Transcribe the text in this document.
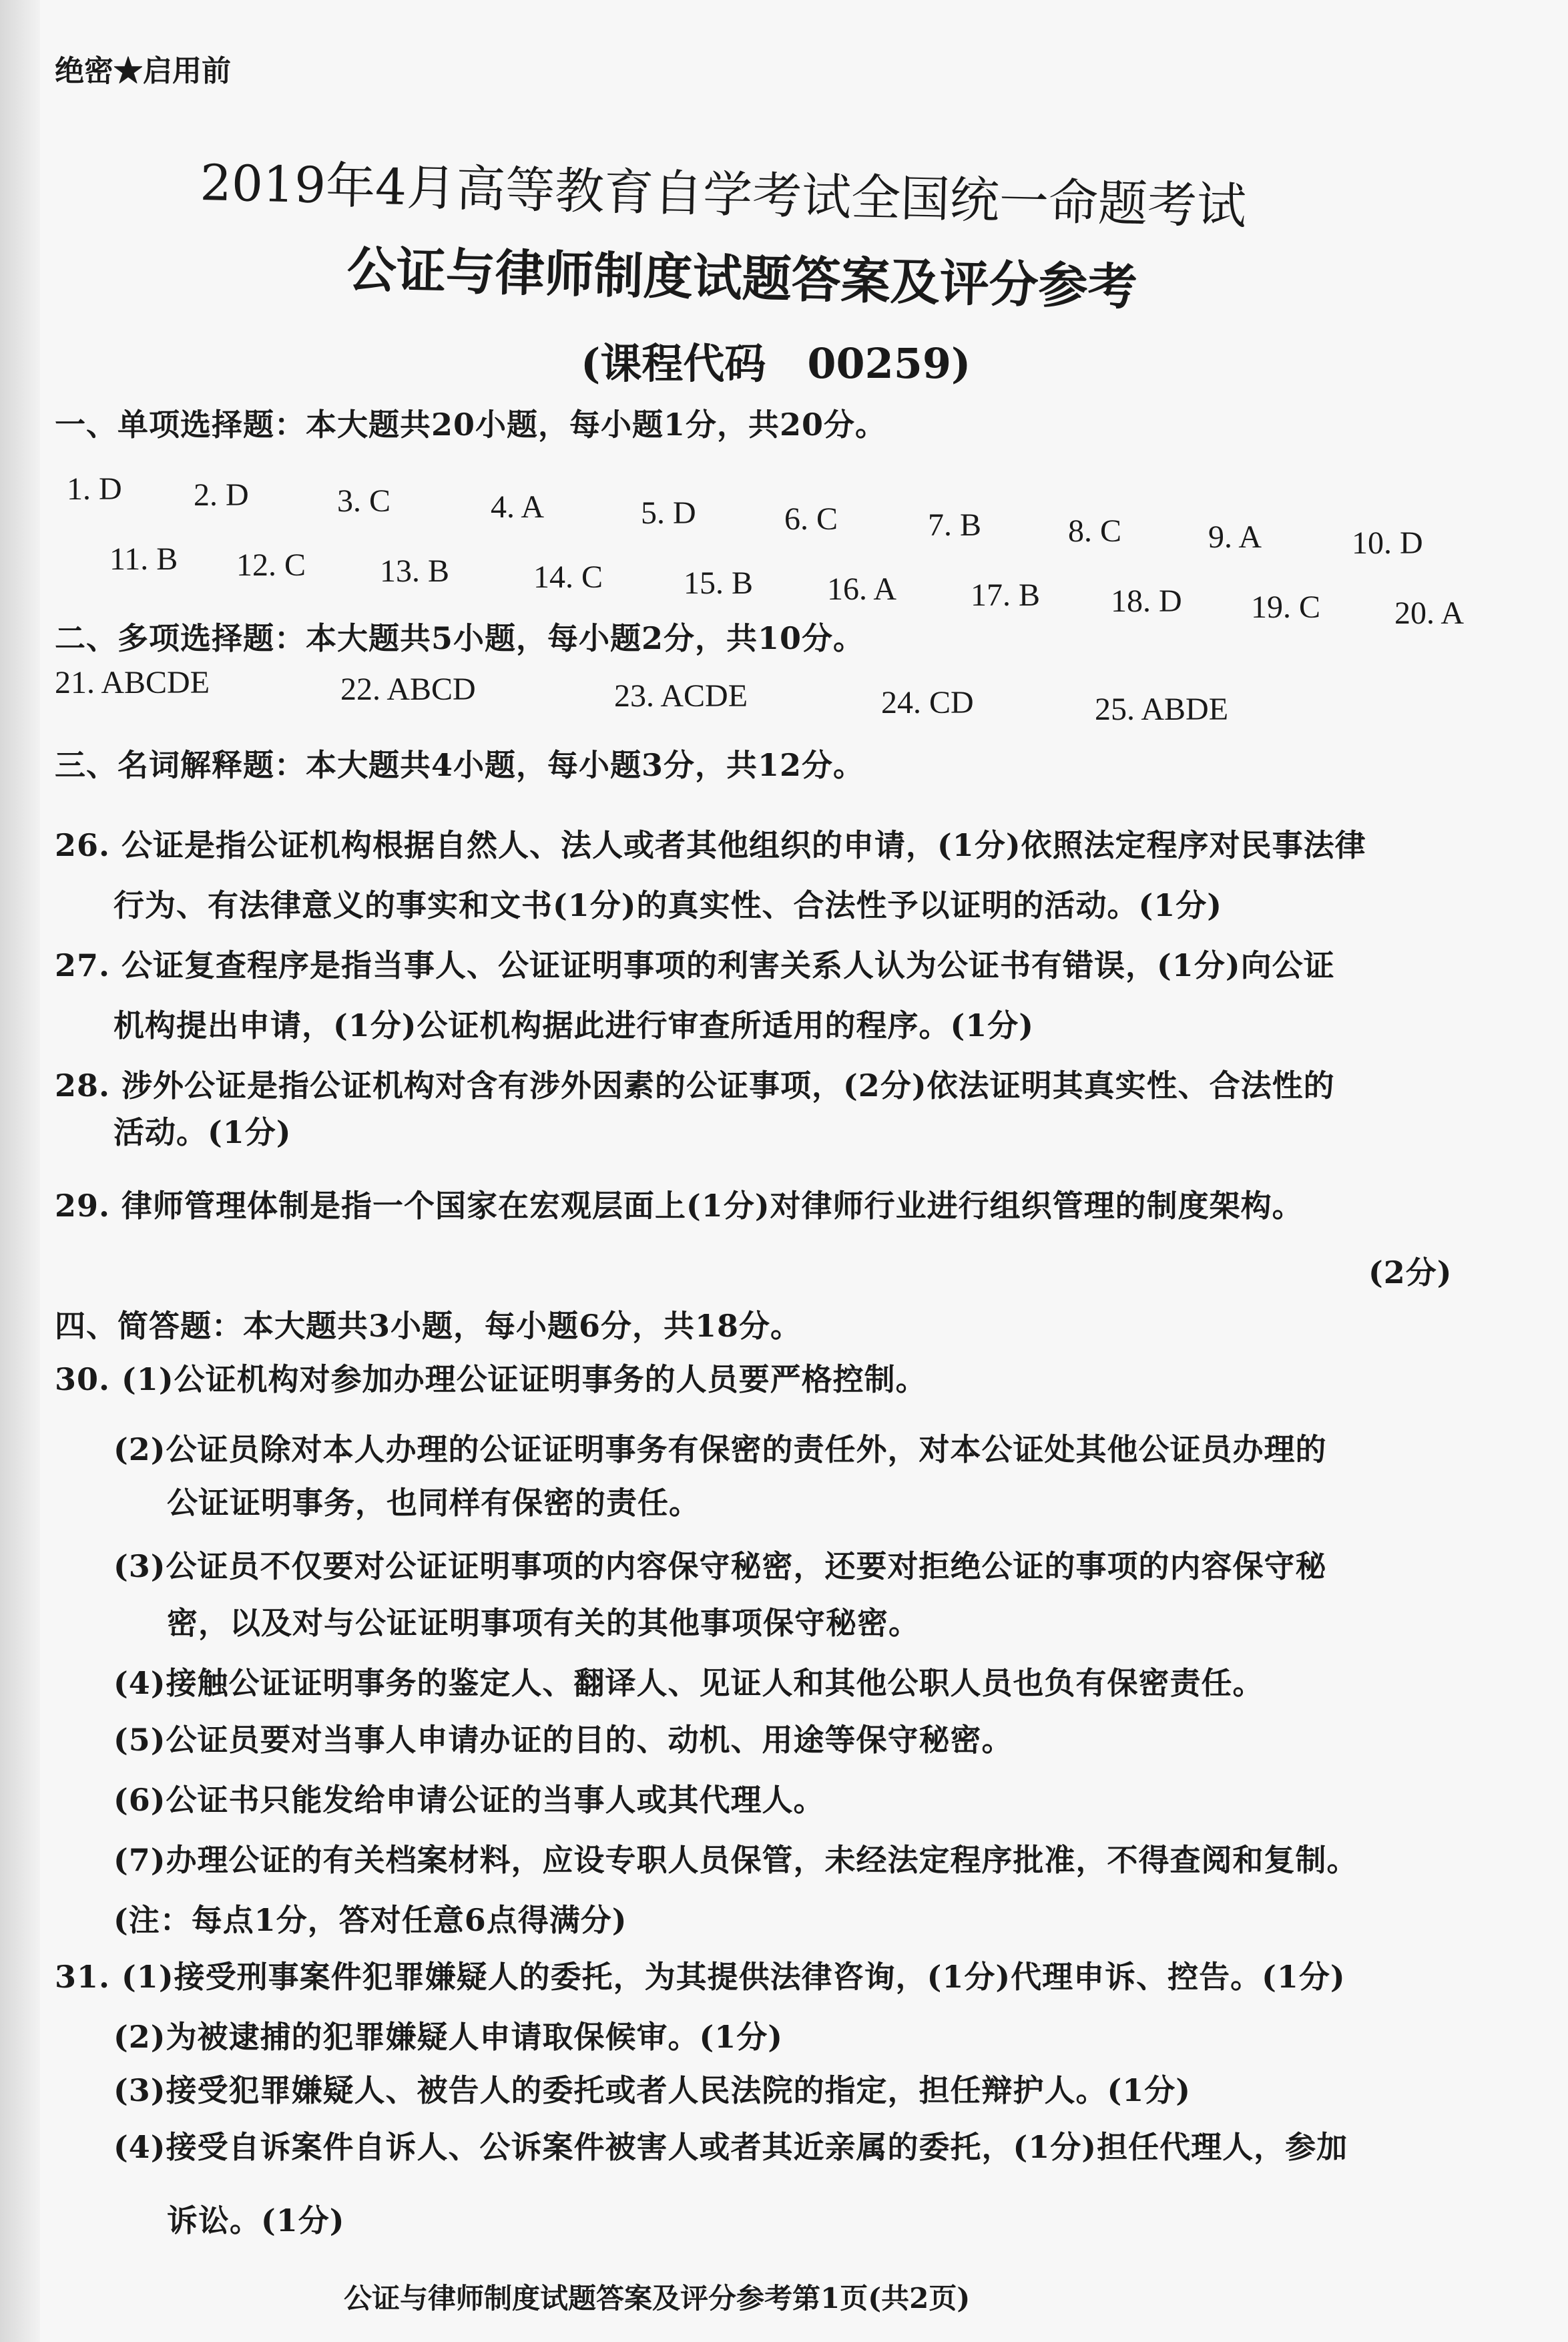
绝密★启用前
2019年4月高等教育自学考试全国统一命题考试
公证与律师制度试题答案及评分参考
(课程代码　00259)
一、单项选择题：本大题共20小题，每小题1分，共20分。
1. D 2. D	3. C	4. A	5. D	6. C	7. B	8. C	9. A	10. D
11. B 12. C 13. B	14. C	15. B 16. A 17. B 18. D 19. C 20. A
二、多项选择题：本大题共5小题，每小题2分，共10分。
21. ABCDE	22. ABCD	23. ACDE	24. CD	25. ABDE
三、名词解释题：本大题共4小题，每小题3分，共12分。
26. 公证是指公证机构根据自然人、法人或者其他组织的申请，(1分)依照法定程序对民事法律
行为、有法律意义的事实和文书(1分)的真实性、合法性予以证明的活动。(1分)
27. 公证复查程序是指当事人、公证证明事项的利害关系人认为公证书有错误，(1分)向公证
机构提出申请，(1分)公证机构据此进行审查所适用的程序。(1分)
28. 涉外公证是指公证机构对含有涉外因素的公证事项，(2分)依法证明其真实性、合法性的
活动。(1分)
29. 律师管理体制是指一个国家在宏观层面上(1分)对律师行业进行组织管理的制度架构。
(2分)
四、简答题：本大题共3小题，每小题6分，共18分。
30. (1)公证机构对参加办理公证证明事务的人员要严格控制。
(2)公证员除对本人办理的公证证明事务有保密的责任外，对本公证处其他公证员办理的
公证证明事务，也同样有保密的责任。
(3)公证员不仅要对公证证明事项的内容保守秘密，还要对拒绝公证的事项的内容保守秘
密，以及对与公证证明事项有关的其他事项保守秘密。
(4)接触公证证明事务的鉴定人、翻译人、见证人和其他公职人员也负有保密责任。
(5)公证员要对当事人申请办证的目的、动机、用途等保守秘密。
(6)公证书只能发给申请公证的当事人或其代理人。
(7)办理公证的有关档案材料，应设专职人员保管，未经法定程序批准，不得查阅和复制。
(注：每点1分，答对任意6点得满分)
31. (1)接受刑事案件犯罪嫌疑人的委托，为其提供法律咨询，(1分)代理申诉、控告。(1分)
(2)为被逮捕的犯罪嫌疑人申请取保候审。(1分)
(3)接受犯罪嫌疑人、被告人的委托或者人民法院的指定，担任辩护人。(1分)
(4)接受自诉案件自诉人、公诉案件被害人或者其近亲属的委托，(1分)担任代理人，参加
诉讼。(1分)
公证与律师制度试题答案及评分参考第1页(共2页)
